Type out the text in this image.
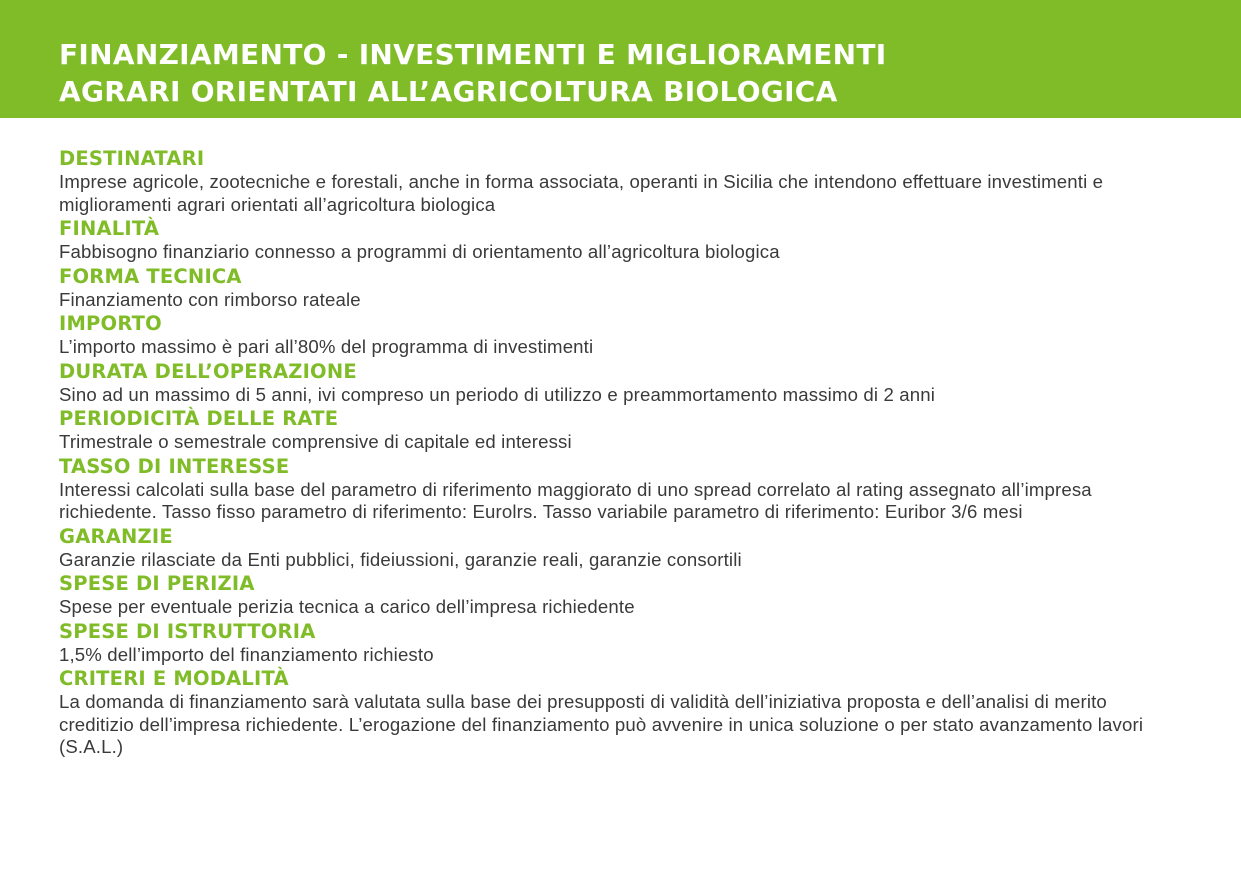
FINANZIAMENTO - INVESTIMENTI E MIGLIORAMENTI
AGRARI ORIENTATI ALL’AGRICOLTURA BIOLOGICA
DESTINATARI

Imprese agricole, zootecniche e forestali, anche in forma associata, operanti in Sicilia che intendono effettuare investimenti e miglioramenti agrari orientati all’agricoltura biologica

FINALITÀ

Fabbisogno finanziario connesso a programmi di orientamento all’agricoltura biologica

FORMA TECNICA

Finanziamento con rimborso rateale

IMPORTO

L’importo massimo è pari all’80% del programma di investimenti

DURATA DELL’OPERAZIONE

Sino ad un massimo di 5 anni, ivi compreso un periodo di utilizzo e preammortamento massimo di 2 anni

PERIODICITÀ DELLE RATE

Trimestrale o semestrale comprensive di capitale ed interessi

TASSO DI INTERESSE

Interessi calcolati sulla base del parametro di riferimento maggiorato di uno spread correlato al rating assegnato all’impresa richiedente. Tasso fisso parametro di riferimento: Eurolrs. Tasso variabile parametro di riferimento: Euribor 3/6 mesi

GARANZIE

Garanzie rilasciate da Enti pubblici, fideiussioni, garanzie reali, garanzie consortili

SPESE DI PERIZIA

Spese per eventuale perizia tecnica a carico dell’impresa richiedente

SPESE DI ISTRUTTORIA

1,5% dell’importo del finanziamento richiesto

CRITERI E MODALITÀ

La domanda di finanziamento sarà valutata sulla base dei presupposti di validità dell’iniziativa proposta e dell’analisi di merito creditizio dell’impresa richiedente. L’erogazione del finanziamento può avvenire in unica soluzione o per stato avanzamento lavori (S.A.L.)
